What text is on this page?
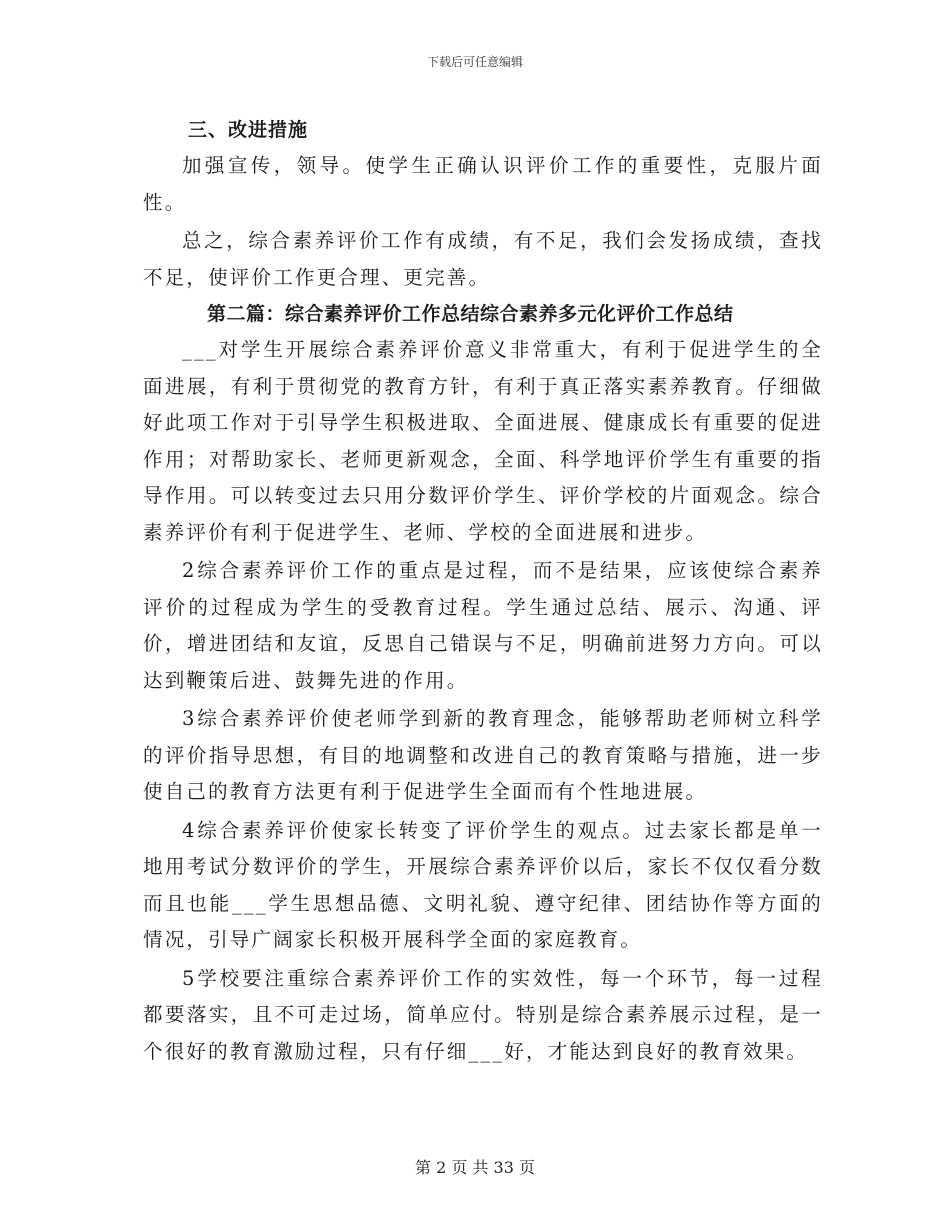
下载后可任意编辑
三、改进措施

加强宣传，领导。使学生正确认识评价工作的重要性，克服片面性。

总之，综合素养评价工作有成绩，有不足，我们会发扬成绩，查找不足，使评价工作更合理、更完善。

第二篇：综合素养评价工作总结综合素养多元化评价工作总结

___对学生开展综合素养评价意义非常重大，有利于促进学生的全面进展，有利于贯彻党的教育方针，有利于真正落实素养教育。仔细做好此项工作对于引导学生积极进取、全面进展、健康成长有重要的促进作用；对帮助家长、老师更新观念，全面、科学地评价学生有重要的指导作用。可以转变过去只用分数评价学生、评价学校的片面观念。综合素养评价有利于促进学生、老师、学校的全面进展和进步。

2综合素养评价工作的重点是过程，而不是结果，应该使综合素养评价的过程成为学生的受教育过程。学生通过总结、展示、沟通、评价，增进团结和友谊，反思自己错误与不足，明确前进努力方向。可以达到鞭策后进、鼓舞先进的作用。

3综合素养评价使老师学到新的教育理念，能够帮助老师树立科学的评价指导思想，有目的地调整和改进自己的教育策略与措施，进一步使自己的教育方法更有利于促进学生全面而有个性地进展。

4综合素养评价使家长转变了评价学生的观点。过去家长都是单一地用考试分数评价的学生，开展综合素养评价以后，家长不仅仅看分数而且也能___学生思想品德、文明礼貌、遵守纪律、团结协作等方面的情况，引导广阔家长积极开展科学全面的家庭教育。

5学校要注重综合素养评价工作的实效性，每一个环节，每一过程都要落实，且不可走过场，简单应付。特别是综合素养展示过程，是一个很好的教育激励过程，只有仔细___好，才能达到良好的教育效果。

第 2 页 共 33 页
